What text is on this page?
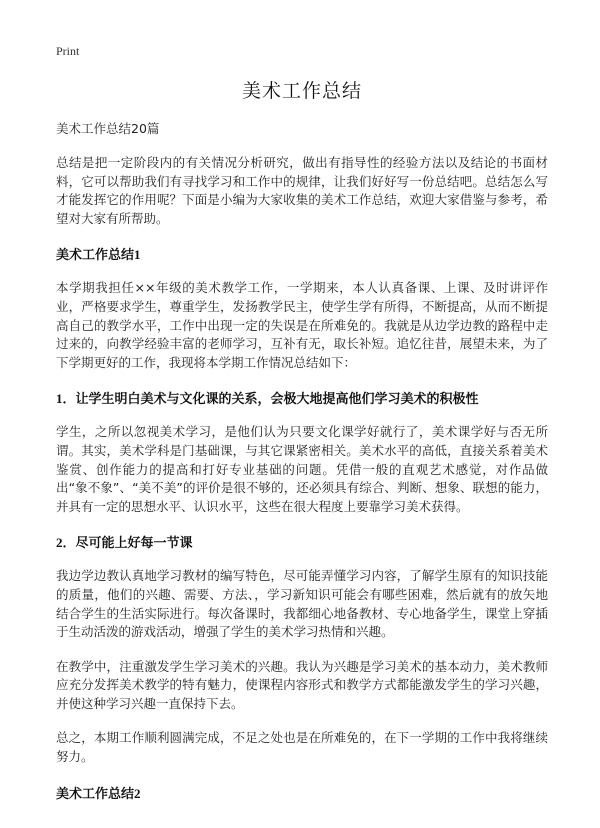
Print
美术工作总结
美术工作总结20篇

总结是把一定阶段内的有关情况分析研究，做出有指导性的经验方法以及结论的书面材料，它可以帮助我们有寻找学习和工作中的规律，让我们好好写一份总结吧。总结怎么写才能发挥它的作用呢？下面是小编为大家收集的美术工作总结，欢迎大家借鉴与参考，希望对大家有所帮助。

美术工作总结1

本学期我担任××年级的美术教学工作，一学期来，本人认真备课、上课、及时讲评作业，严格要求学生，尊重学生，发扬教学民主，使学生学有所得，不断提高，从而不断提高自己的教学水平，工作中出现一定的失误是在所难免的。我就是从边学边教的路程中走过来的，向教学经验丰富的老师学习，互补有无，取长补短。追忆往昔，展望未来，为了下学期更好的工作，我现将本学期工作情况总结如下：

1．让学生明白美术与文化课的关系，会极大地提高他们学习美术的积极性

学生，之所以忽视美术学习，是他们认为只要文化课学好就行了，美术课学好与否无所谓。其实，美术学科是门基础课，与其它课紧密相关。美术水平的高低，直接关系着美术鉴赏、创作能力的提高和打好专业基础的问题。凭借一般的直观艺术感觉，对作品做出“象不象”、“美不美”的评价是很不够的，还必须具有综合、判断、想象、联想的能力，并具有一定的思想水平、认识水平，这些在很大程度上要靠学习美术获得。

2．尽可能上好每一节课

我边学边教认真地学习教材的编写特色，尽可能弄懂学习内容，了解学生原有的知识技能的质量，他们的兴趣、需要、方法、，学习新知识可能会有哪些困难，然后就有的放矢地结合学生的生活实际进行。每次备课时，我都细心地备教材、专心地备学生，课堂上穿插于生动活泼的游戏活动，增强了学生的美术学习热情和兴趣。

在教学中，注重激发学生学习美术的兴趣。我认为兴趣是学习美术的基本动力，美术教师应充分发挥美术教学的特有魅力，使课程内容形式和教学方式都能激发学生的学习兴趣，并使这种学习兴趣一直保持下去。

总之，本期工作顺利圆满完成，不足之处也是在所难免的，在下一学期的工作中我将继续努力。

美术工作总结2
